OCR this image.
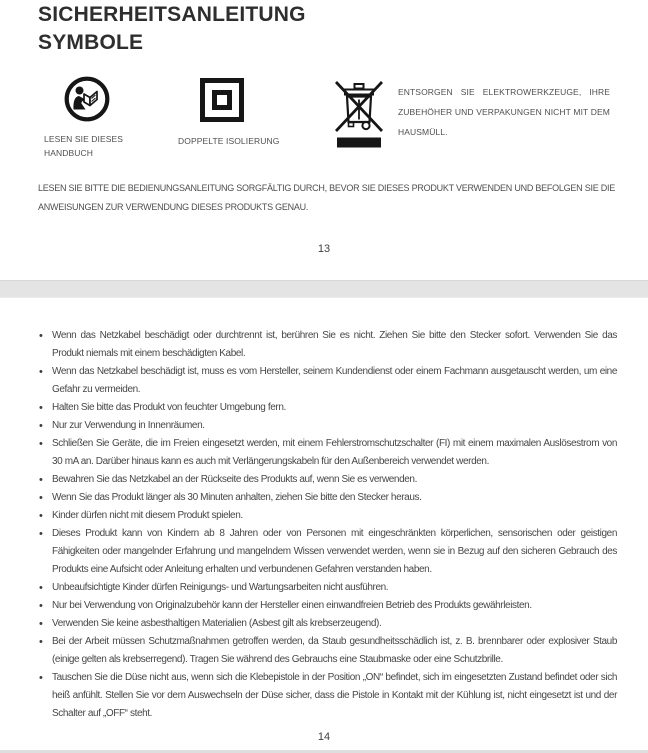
SICHERHEITSANLEITUNG
SYMBOLE
LESEN SIE DIESES HANDBUCH
DOPPELTE ISOLIERUNG
ENTSORGEN SIE ELEKTROWERKZEUGE, IHRE ZUBEHÖHER UND VERPAKUNGEN NICHT MIT DEM HAUSMÜLL.

LESEN SIE BITTE DIE BEDIENUNGSANLEITUNG SORGFÄLTIG DURCH, BEVOR SIE DIESES PRODUKT VERWENDEN UND BEFOLGEN SIE DIE ANWEISUNGEN ZUR VERWENDUNG DIESES PRODUKTS GENAU.

13
• Wenn das Netzkabel beschädigt oder durchtrennt ist, berühren Sie es nicht. Ziehen Sie bitte den Stecker sofort. Verwenden Sie das Produkt niemals mit einem beschädigten Kabel.
• Wenn das Netzkabel beschädigt ist, muss es vom Hersteller, seinem Kundendienst oder einem Fachmann ausgetauscht werden, um eine Gefahr zu vermeiden.
• Halten Sie bitte das Produkt von feuchter Umgebung fern.
• Nur zur Verwendung in Innenräumen.
• Schließen Sie Geräte, die im Freien eingesetzt werden, mit einem Fehlerstromschutzschalter (FI) mit einem maximalen Auslösestrom von 30 mA an. Darüber hinaus kann es auch mit Verlängerungskabeln für den Außenbereich verwendet werden.
• Bewahren Sie das Netzkabel an der Rückseite des Produkts auf, wenn Sie es verwenden.
• Wenn Sie das Produkt länger als 30 Minuten anhalten, ziehen Sie bitte den Stecker heraus.
• Kinder dürfen nicht mit diesem Produkt spielen.
• Dieses Produkt kann von Kindern ab 8 Jahren oder von Personen mit eingeschränkten körperlichen, sensorischen oder geistigen Fähigkeiten oder mangelnder Erfahrung und mangelndem Wissen verwendet werden, wenn sie in Bezug auf den sicheren Gebrauch des Produkts eine Aufsicht oder Anleitung erhalten und verbundenen Gefahren verstanden haben.
• Unbeaufsichtigte Kinder dürfen Reinigungs- und Wartungsarbeiten nicht ausführen.
• Nur bei Verwendung von Originalzubehör kann der Hersteller einen einwandfreien Betrieb des Produkts gewährleisten.
• Verwenden Sie keine asbesthaltigen Materialien (Asbest gilt als krebserzeugend).
• Bei der Arbeit müssen Schutzmaßnahmen getroffen werden, da Staub gesundheitsschädlich ist, z. B. brennbarer oder explosiver Staub (einige gelten als krebserregend). Tragen Sie während des Gebrauchs eine Staubmaske oder eine Schutzbrille.
• Tauschen Sie die Düse nicht aus, wenn sich die Klebepistole in der Position „ON“ befindet, sich im eingesetzten Zustand befindet oder sich heiß anfühlt. Stellen Sie vor dem Auswechseln der Düse sicher, dass die Pistole in Kontakt mit der Kühlung ist, nicht eingesetzt ist und der Schalter auf „OFF“ steht.
14
